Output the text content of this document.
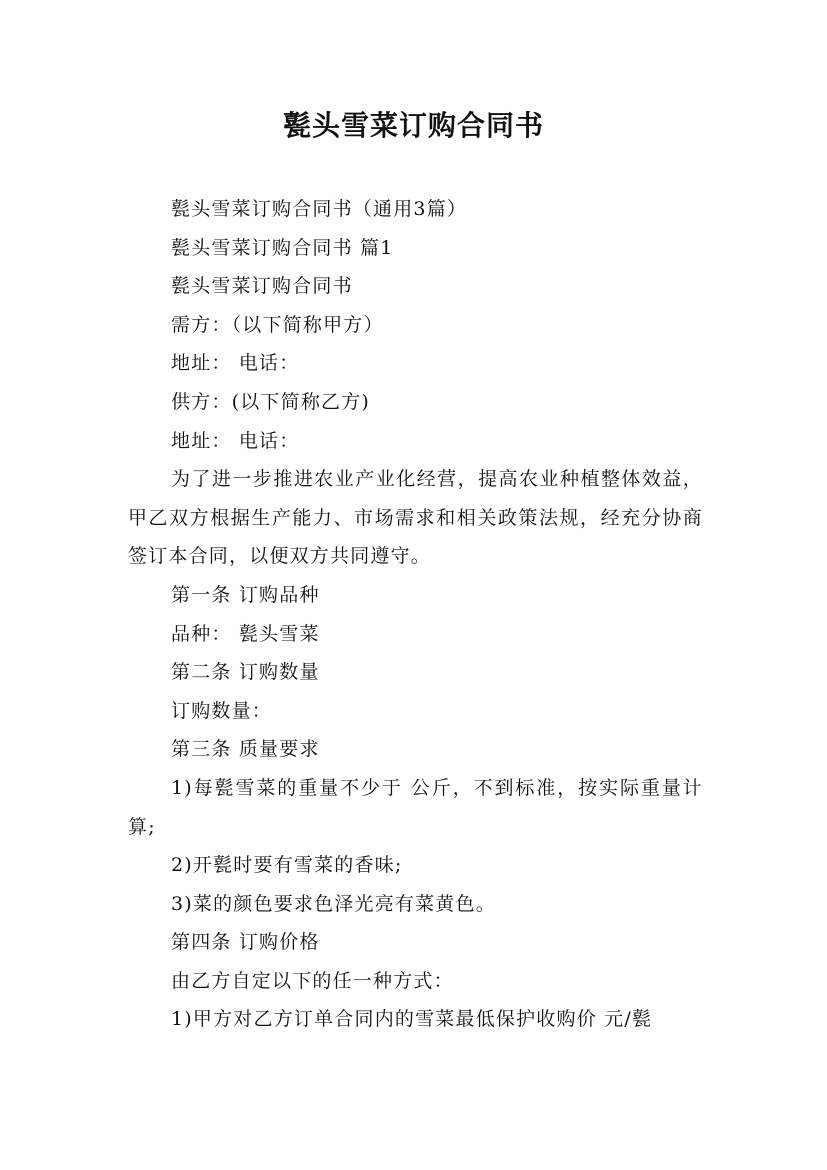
甏头雪菜订购合同书

甏头雪菜订购合同书（通用3篇）

甏头雪菜订购合同书 篇1

甏头雪菜订购合同书

需方：（以下简称甲方）

地址： 电话：

供方：(以下简称乙方)

地址： 电话：

为了进一步推进农业产业化经营，提高农业种植整体效益，甲乙双方根据生产能力、市场需求和相关政策法规，经充分协商签订本合同，以便双方共同遵守。

第一条 订购品种

品种： 甏头雪菜

第二条 订购数量

订购数量：

第三条 质量要求

1)每甏雪菜的重量不少于 公斤，不到标准，按实际重量计算;

2)开甏时要有雪菜的香味;

3)菜的颜色要求色泽光亮有菜黄色。

第四条 订购价格

由乙方自定以下的任一种方式：

1)甲方对乙方订单合同内的雪菜最低保护收购价 元/甏
